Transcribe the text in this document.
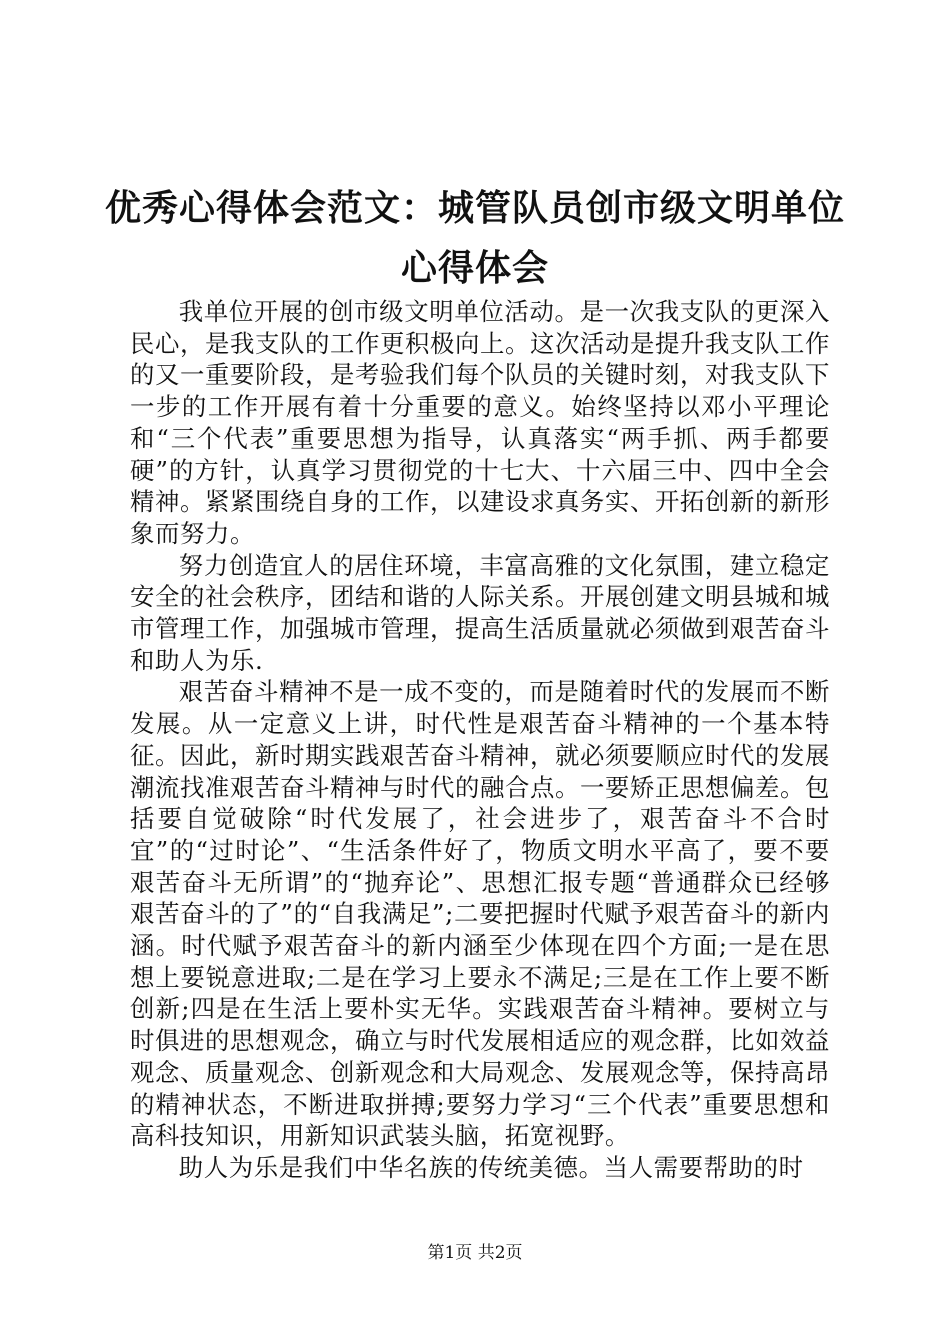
优秀心得体会范文：城管队员创市级文明单位
心得体会

我单位开展的创市级文明单位活动。是一次我支队的更深入民心，是我支队的工作更积极向上。这次活动是提升我支队工作的又一重要阶段，是考验我们每个队员的关键时刻，对我支队下一步的工作开展有着十分重要的意义。始终坚持以邓小平理论和“三个代表”重要思想为指导，认真落实“两手抓、两手都要硬”的方针，认真学习贯彻党的十七大、十六届三中、四中全会精神。紧紧围绕自身的工作，以建设求真务实、开拓创新的新形象而努力。

努力创造宜人的居住环境，丰富高雅的文化氛围，建立稳定安全的社会秩序，团结和谐的人际关系。开展创建文明县城和城市管理工作，加强城市管理，提高生活质量就必须做到艰苦奋斗和助人为乐.

艰苦奋斗精神不是一成不变的，而是随着时代的发展而不断发展。从一定意义上讲，时代性是艰苦奋斗精神的一个基本特征。因此，新时期实践艰苦奋斗精神，就必须要顺应时代的发展潮流找准艰苦奋斗精神与时代的融合点。一要矫正思想偏差。包括要自觉破除“时代发展了，社会进步了，艰苦奋斗不合时宜”的“过时论”、“生活条件好了，物质文明水平高了，要不要艰苦奋斗无所谓”的“抛弃论”、思想汇报专题“普通群众已经够艰苦奋斗的了”的“自我满足”;二要把握时代赋予艰苦奋斗的新内涵。时代赋予艰苦奋斗的新内涵至少体现在四个方面;一是在思想上要锐意进取;二是在学习上要永不满足;三是在工作上要不断创新;四是在生活上要朴实无华。实践艰苦奋斗精神。要树立与时俱进的思想观念，确立与时代发展相适应的观念群，比如效益观念、质量观念、创新观念和大局观念、发展观念等，保持高昂的精神状态，不断进取拼搏;要努力学习“三个代表”重要思想和高科技知识，用新知识武装头脑，拓宽视野。

助人为乐是我们中华名族的传统美德。当人需要帮助的时

第1页 共2页
